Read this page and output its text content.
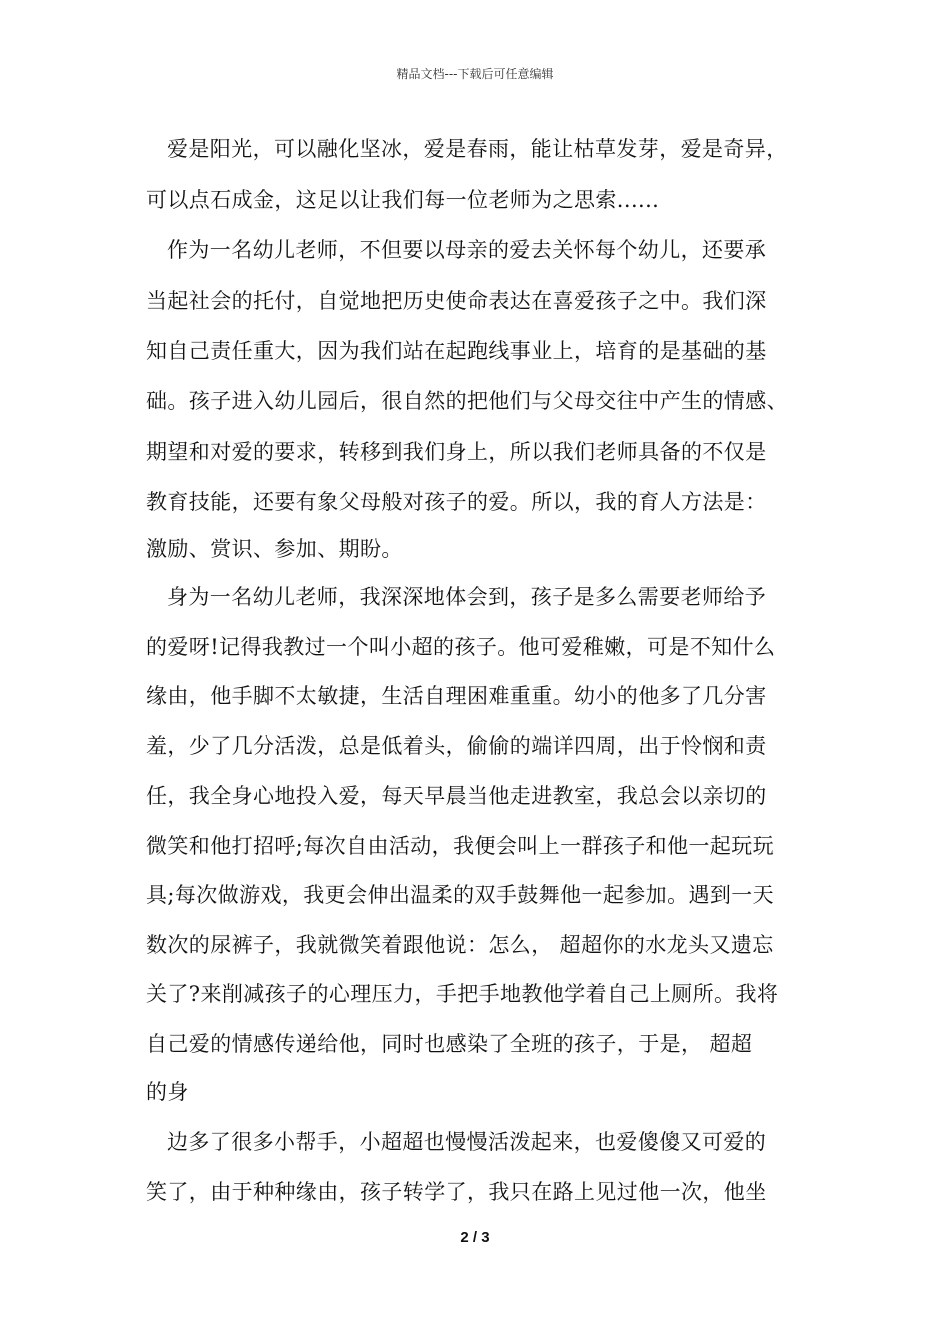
精品文档---下载后可任意编辑
爱是阳光，可以融化坚冰，爱是春雨，能让枯草发芽，爱是奇异，
可以点石成金，这足以让我们每一位老师为之思索......
作为一名幼儿老师，不但要以母亲的爱去关怀每个幼儿，还要承
当起社会的托付，自觉地把历史使命表达在喜爱孩子之中。我们深
知自己责任重大，因为我们站在起跑线事业上，培育的是基础的基
础。孩子进入幼儿园后，很自然的把他们与父母交往中产生的情感、
期望和对爱的要求，转移到我们身上，所以我们老师具备的不仅是
教育技能，还要有象父母般对孩子的爱。所以，我的育人方法是：
激励、赏识、参加、期盼。
身为一名幼儿老师，我深深地体会到，孩子是多么需要老师给予
的爱呀!记得我教过一个叫小超的孩子。他可爱稚嫩，可是不知什么
缘由，他手脚不太敏捷，生活自理困难重重。幼小的他多了几分害
羞，少了几分活泼，总是低着头，偷偷的端详四周，出于怜悯和责
任，我全身心地投入爱，每天早晨当他走进教室，我总会以亲切的
微笑和他打招呼;每次自由活动，我便会叫上一群孩子和他一起玩玩
具;每次做游戏，我更会伸出温柔的双手鼓舞他一起参加。遇到一天
数次的尿裤子，我就微笑着跟他说：怎么， 超超你的水龙头又遗忘
关了?来削减孩子的心理压力，手把手地教他学着自己上厕所。我将
自己爱的情感传递给他，同时也感染了全班的孩子，于是， 超超
的身
边多了很多小帮手，小超超也慢慢活泼起来，也爱傻傻又可爱的
笑了，由于种种缘由，孩子转学了，我只在路上见过他一次，他坐
2 / 3
